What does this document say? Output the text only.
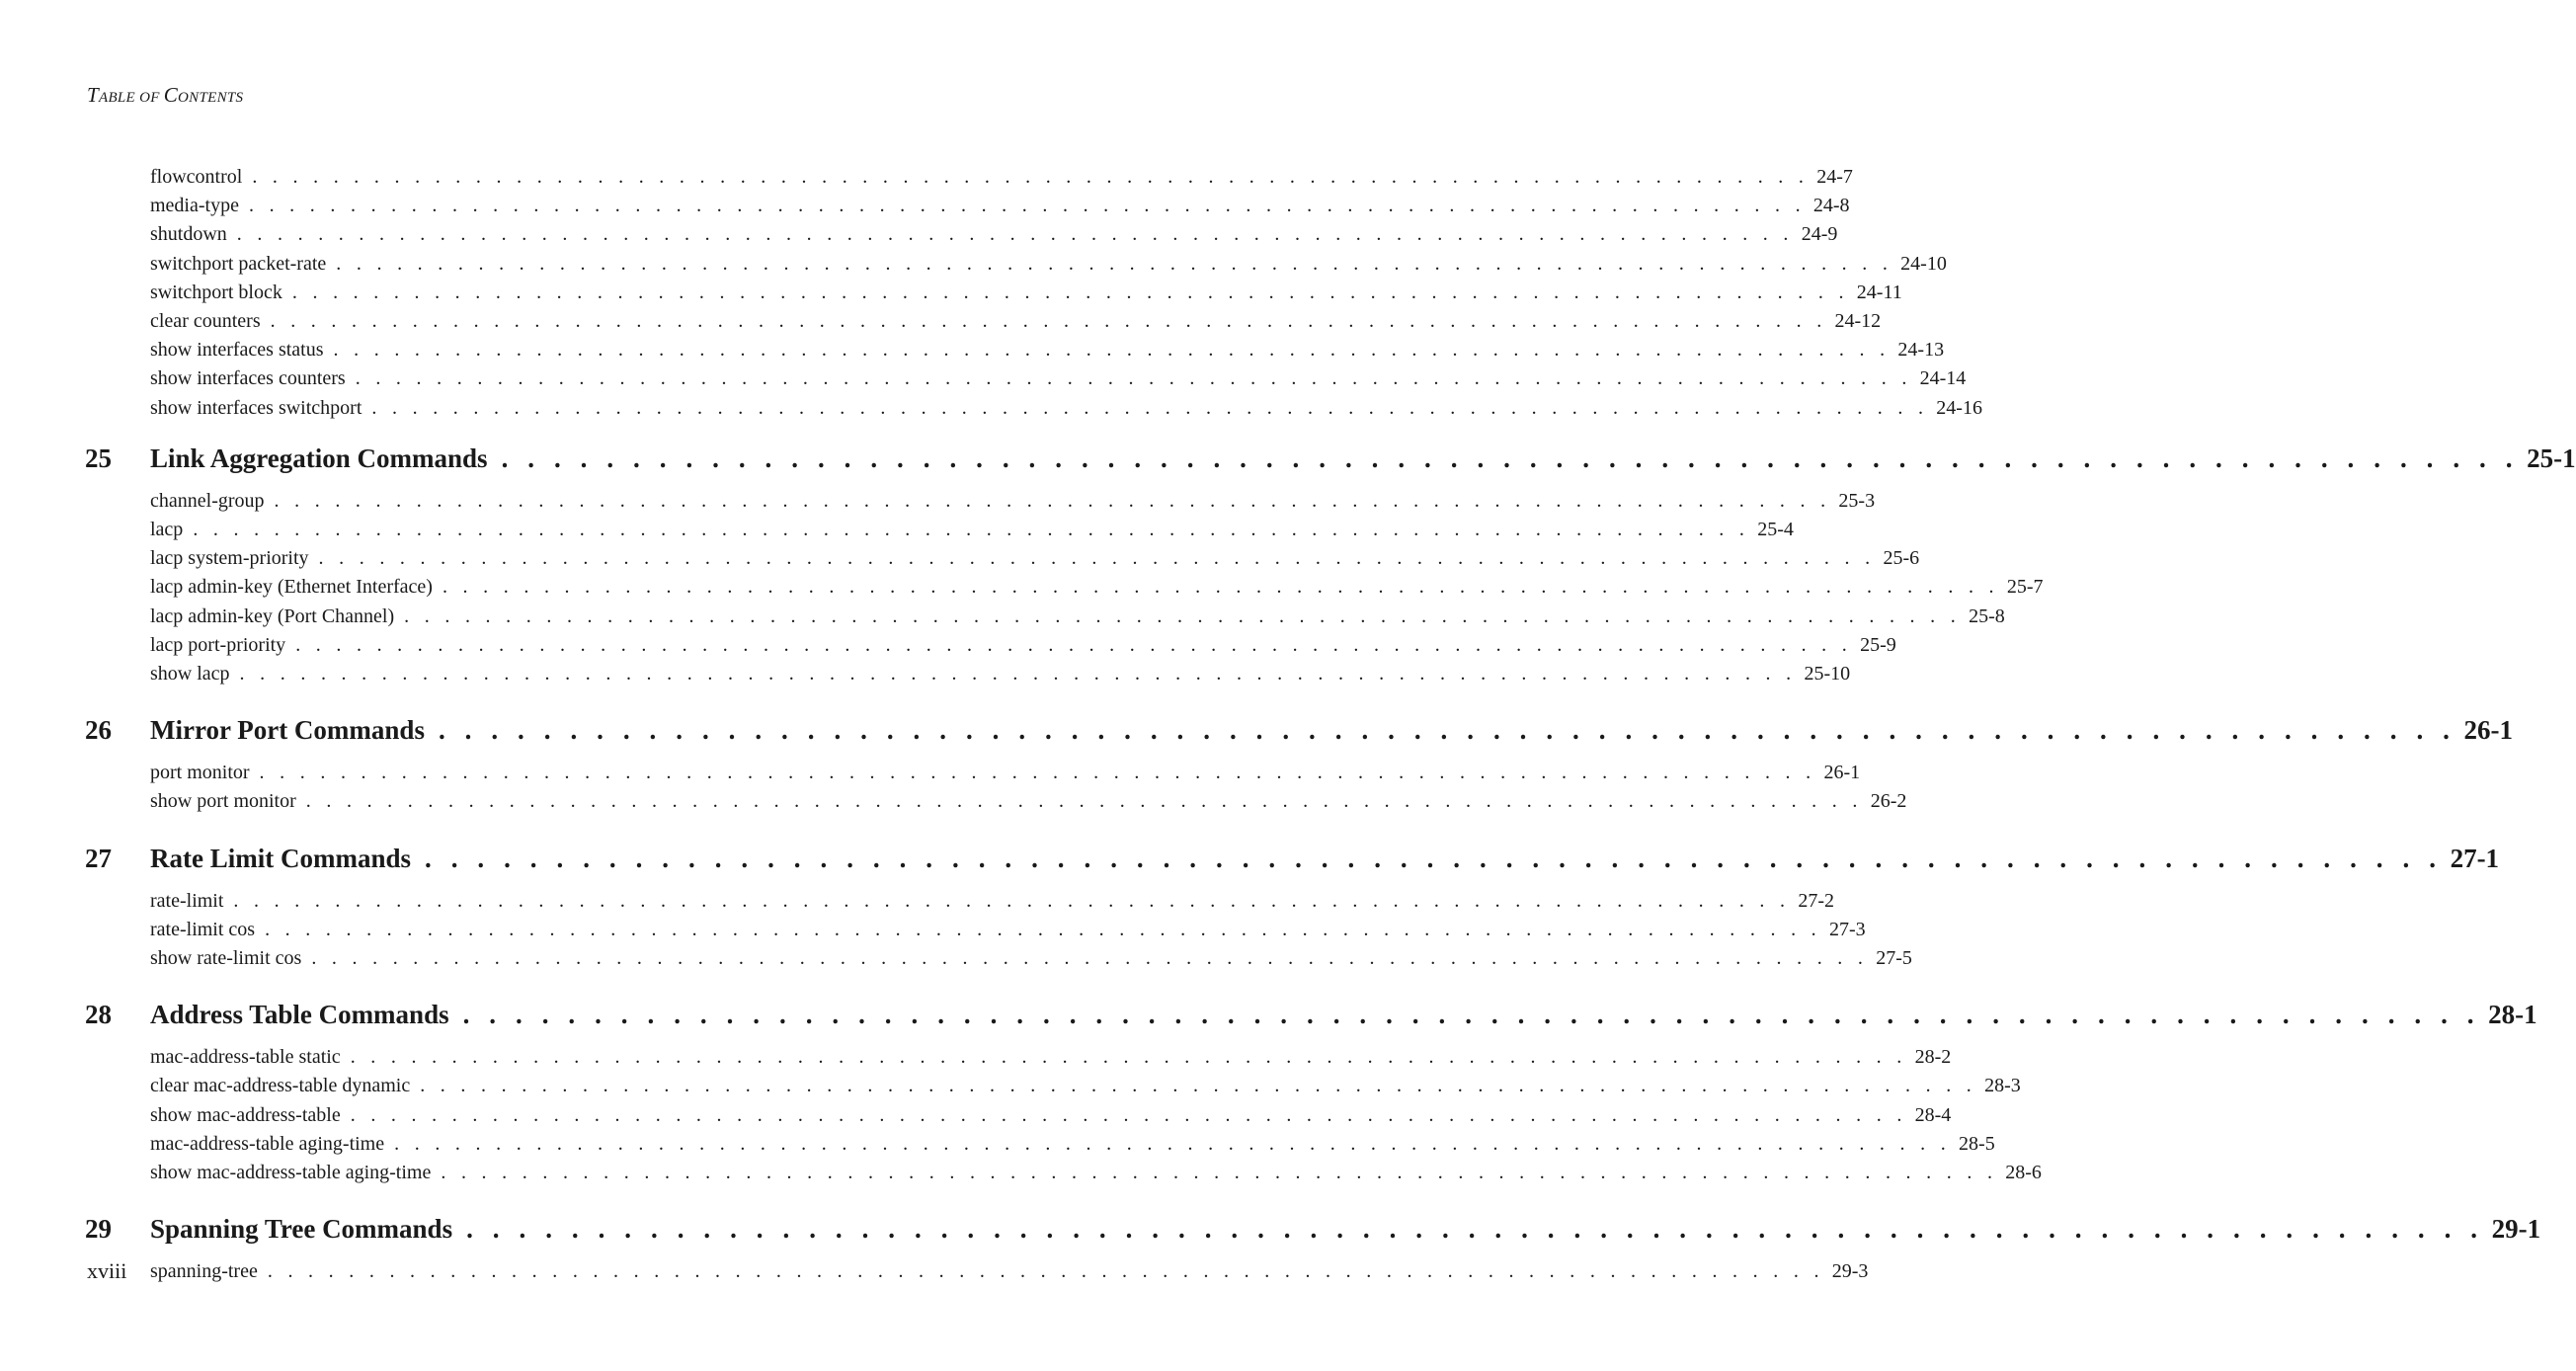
TABLE OF CONTENTS
flowcontrol . . . . . . . . . . . . . . . . . . . . . . . . . . . . . . . . . . . . . . . . . . . . . . . . . . . . . . . . . . . . . . . . . . . . . . . . . . . . . 24-7
media-type . . . . . . . . . . . . . . . . . . . . . . . . . . . . . . . . . . . . . . . . . . . . . . . . . . . . . . . . . . . . . . . . . . . . . . . . . . . . . 24-8
shutdown . . . . . . . . . . . . . . . . . . . . . . . . . . . . . . . . . . . . . . . . . . . . . . . . . . . . . . . . . . . . . . . . . . . . . . . . . . . . . 24-9
switchport packet-rate . . . . . . . . . . . . . . . . . . . . . . . . . . . . . . . . . . . . . . . . . . . . . . . . . . . . . . . . . . . . . . . . . . . . . . . . . . . . . 24-10
switchport block . . . . . . . . . . . . . . . . . . . . . . . . . . . . . . . . . . . . . . . . . . . . . . . . . . . . . . . . . . . . . . . . . . . . . . . . . . . . . 24-11
clear counters . . . . . . . . . . . . . . . . . . . . . . . . . . . . . . . . . . . . . . . . . . . . . . . . . . . . . . . . . . . . . . . . . . . . . . . . . . . . . 24-12
show interfaces status . . . . . . . . . . . . . . . . . . . . . . . . . . . . . . . . . . . . . . . . . . . . . . . . . . . . . . . . . . . . . . . . . . . . . . . . . . . . . 24-13
show interfaces counters . . . . . . . . . . . . . . . . . . . . . . . . . . . . . . . . . . . . . . . . . . . . . . . . . . . . . . . . . . . . . . . . . . . . . . . . . . . . . 24-14
show interfaces switchport . . . . . . . . . . . . . . . . . . . . . . . . . . . . . . . . . . . . . . . . . . . . . . . . . . . . . . . . . . . . . . . . . . . . . . . . . . . . . 24-16
25	Link Aggregation Commands . . . . . . . . . . . . . . . . . . . . . . . . . . . . . . . . . . . . . . . . . . . . . . . . . . . . . . . . . . . . . . . . . . . . . . . . . . . . . 25-1
channel-group . . . . . . . . . . . . . . . . . . . . . . . . . . . . . . . . . . . . . . . . . . . . . . . . . . . . . . . . . . . . . . . . . . . . . . . . . . . . . 25-3
lacp . . . . . . . . . . . . . . . . . . . . . . . . . . . . . . . . . . . . . . . . . . . . . . . . . . . . . . . . . . . . . . . . . . . . . . . . . . . . . 25-4
lacp system-priority . . . . . . . . . . . . . . . . . . . . . . . . . . . . . . . . . . . . . . . . . . . . . . . . . . . . . . . . . . . . . . . . . . . . . . . . . . . . . 25-6
lacp admin-key (Ethernet Interface) . . . . . . . . . . . . . . . . . . . . . . . . . . . . . . . . . . . . . . . . . . . . . . . . . . . . . . . . . . . . . . . . . . . . . . . . . . . . . 25-7
lacp admin-key (Port Channel) . . . . . . . . . . . . . . . . . . . . . . . . . . . . . . . . . . . . . . . . . . . . . . . . . . . . . . . . . . . . . . . . . . . . . . . . . . . . . 25-8
lacp port-priority . . . . . . . . . . . . . . . . . . . . . . . . . . . . . . . . . . . . . . . . . . . . . . . . . . . . . . . . . . . . . . . . . . . . . . . . . . . . . 25-9
show lacp . . . . . . . . . . . . . . . . . . . . . . . . . . . . . . . . . . . . . . . . . . . . . . . . . . . . . . . . . . . . . . . . . . . . . . . . . . . . . 25-10
26	Mirror Port Commands . . . . . . . . . . . . . . . . . . . . . . . . . . . . . . . . . . . . . . . . . . . . . . . . . . . . . . . . . . . . . . . . . . . . . . . . . . . . . 26-1
port monitor . . . . . . . . . . . . . . . . . . . . . . . . . . . . . . . . . . . . . . . . . . . . . . . . . . . . . . . . . . . . . . . . . . . . . . . . . . . . . 26-1
show port monitor . . . . . . . . . . . . . . . . . . . . . . . . . . . . . . . . . . . . . . . . . . . . . . . . . . . . . . . . . . . . . . . . . . . . . . . . . . . . . 26-2
27	Rate Limit Commands . . . . . . . . . . . . . . . . . . . . . . . . . . . . . . . . . . . . . . . . . . . . . . . . . . . . . . . . . . . . . . . . . . . . . . . . . . . . . 27-1
rate-limit . . . . . . . . . . . . . . . . . . . . . . . . . . . . . . . . . . . . . . . . . . . . . . . . . . . . . . . . . . . . . . . . . . . . . . . . . . . . . 27-2
rate-limit cos . . . . . . . . . . . . . . . . . . . . . . . . . . . . . . . . . . . . . . . . . . . . . . . . . . . . . . . . . . . . . . . . . . . . . . . . . . . . . 27-3
show rate-limit cos . . . . . . . . . . . . . . . . . . . . . . . . . . . . . . . . . . . . . . . . . . . . . . . . . . . . . . . . . . . . . . . . . . . . . . . . . . . . . 27-5
28	Address Table Commands . . . . . . . . . . . . . . . . . . . . . . . . . . . . . . . . . . . . . . . . . . . . . . . . . . . . . . . . . . . . . . . . . . . . . . . . . . . . . 28-1
mac-address-table static . . . . . . . . . . . . . . . . . . . . . . . . . . . . . . . . . . . . . . . . . . . . . . . . . . . . . . . . . . . . . . . . . . . . . . . . . . . . . 28-2
clear mac-address-table dynamic . . . . . . . . . . . . . . . . . . . . . . . . . . . . . . . . . . . . . . . . . . . . . . . . . . . . . . . . . . . . . . . . . . . . . . . . . . . . . 28-3
show mac-address-table . . . . . . . . . . . . . . . . . . . . . . . . . . . . . . . . . . . . . . . . . . . . . . . . . . . . . . . . . . . . . . . . . . . . . . . . . . . . . 28-4
mac-address-table aging-time . . . . . . . . . . . . . . . . . . . . . . . . . . . . . . . . . . . . . . . . . . . . . . . . . . . . . . . . . . . . . . . . . . . . . . . . . . . . . 28-5
show mac-address-table aging-time . . . . . . . . . . . . . . . . . . . . . . . . . . . . . . . . . . . . . . . . . . . . . . . . . . . . . . . . . . . . . . . . . . . . . . . . . . . . . 28-6
29	Spanning Tree Commands . . . . . . . . . . . . . . . . . . . . . . . . . . . . . . . . . . . . . . . . . . . . . . . . . . . . . . . . . . . . . . . . . . . . . . . . . . . . . 29-1
spanning-tree . . . . . . . . . . . . . . . . . . . . . . . . . . . . . . . . . . . . . . . . . . . . . . . . . . . . . . . . . . . . . . . . . . . . . . . . . . . . . 29-3
xviii
